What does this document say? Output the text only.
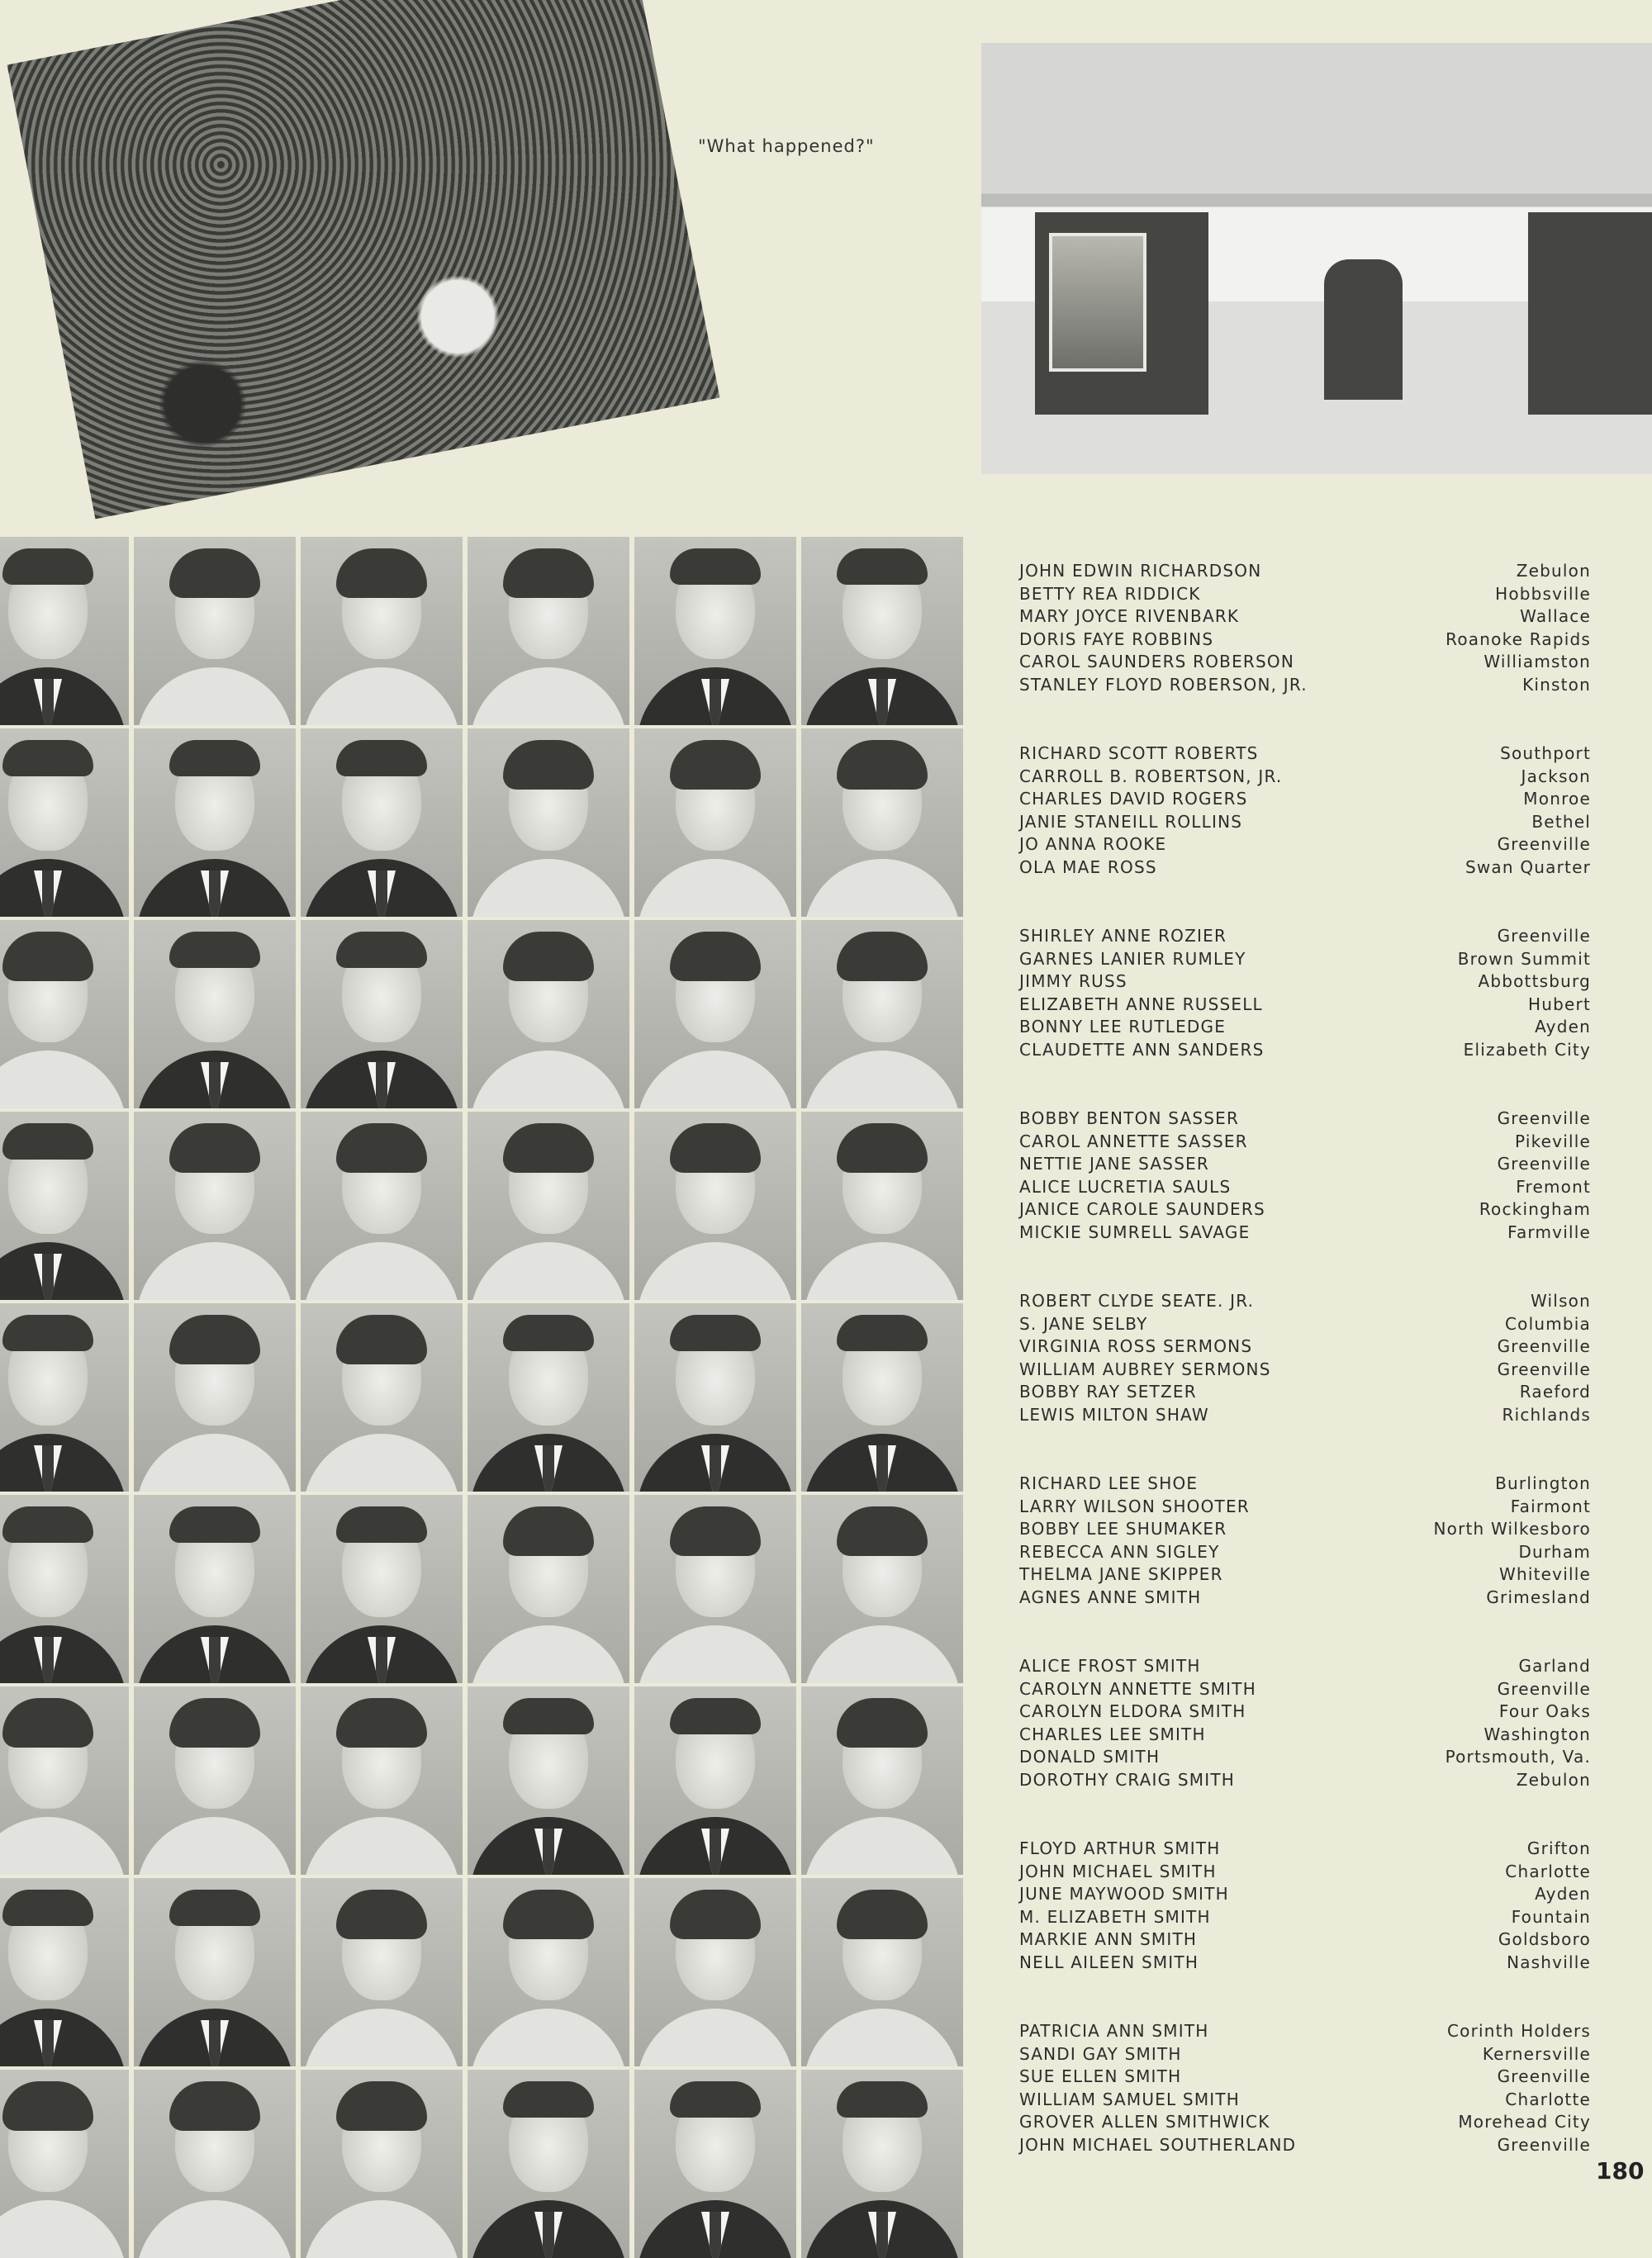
"What happened?"
JOHN EDWIN RICHARDSON	Zebulon
BETTY REA RIDDICK	Hobbsville
MARY JOYCE RIVENBARK	Wallace
DORIS FAYE ROBBINS	Roanoke Rapids
CAROL SAUNDERS ROBERSON	Williamston
STANLEY FLOYD ROBERSON, JR.	Kinston
RICHARD SCOTT ROBERTS	Southport
CARROLL B. ROBERTSON, JR.	Jackson
CHARLES DAVID ROGERS	Monroe
JANIE STANEILL ROLLINS	Bethel
JO ANNA ROOKE	Greenville
OLA MAE ROSS	Swan Quarter
SHIRLEY ANNE ROZIER	Greenville
GARNES LANIER RUMLEY	Brown Summit
JIMMY RUSS	Abbottsburg
ELIZABETH ANNE RUSSELL	Hubert
BONNY LEE RUTLEDGE	Ayden
CLAUDETTE ANN SANDERS	Elizabeth City
BOBBY BENTON SASSER	Greenville
CAROL ANNETTE SASSER	Pikeville
NETTIE JANE SASSER	Greenville
ALICE LUCRETIA SAULS	Fremont
JANICE CAROLE SAUNDERS	Rockingham
MICKIE SUMRELL SAVAGE	Farmville
ROBERT CLYDE SEATE. JR.	Wilson
S. JANE SELBY	Columbia
VIRGINIA ROSS SERMONS	Greenville
WILLIAM AUBREY SERMONS	Greenville
BOBBY RAY SETZER	Raeford
LEWIS MILTON SHAW	Richlands
RICHARD LEE SHOE	Burlington
LARRY WILSON SHOOTER	Fairmont
BOBBY LEE SHUMAKER	North Wilkesboro
REBECCA ANN SIGLEY	Durham
THELMA JANE SKIPPER	Whiteville
AGNES ANNE SMITH	Grimesland
ALICE FROST SMITH	Garland
CAROLYN ANNETTE SMITH	Greenville
CAROLYN ELDORA SMITH	Four Oaks
CHARLES LEE SMITH	Washington
DONALD SMITH	Portsmouth, Va.
DOROTHY CRAIG SMITH	Zebulon
FLOYD ARTHUR SMITH	Grifton
JOHN MICHAEL SMITH	Charlotte
JUNE MAYWOOD SMITH	Ayden
M. ELIZABETH SMITH	Fountain
MARKIE ANN SMITH	Goldsboro
NELL AILEEN SMITH	Nashville
PATRICIA ANN SMITH	Corinth Holders
SANDI GAY SMITH	Kernersville
SUE ELLEN SMITH	Greenville
WILLIAM SAMUEL SMITH	Charlotte
GROVER ALLEN SMITHWICK	Morehead City
JOHN MICHAEL SOUTHERLAND	Greenville
180
